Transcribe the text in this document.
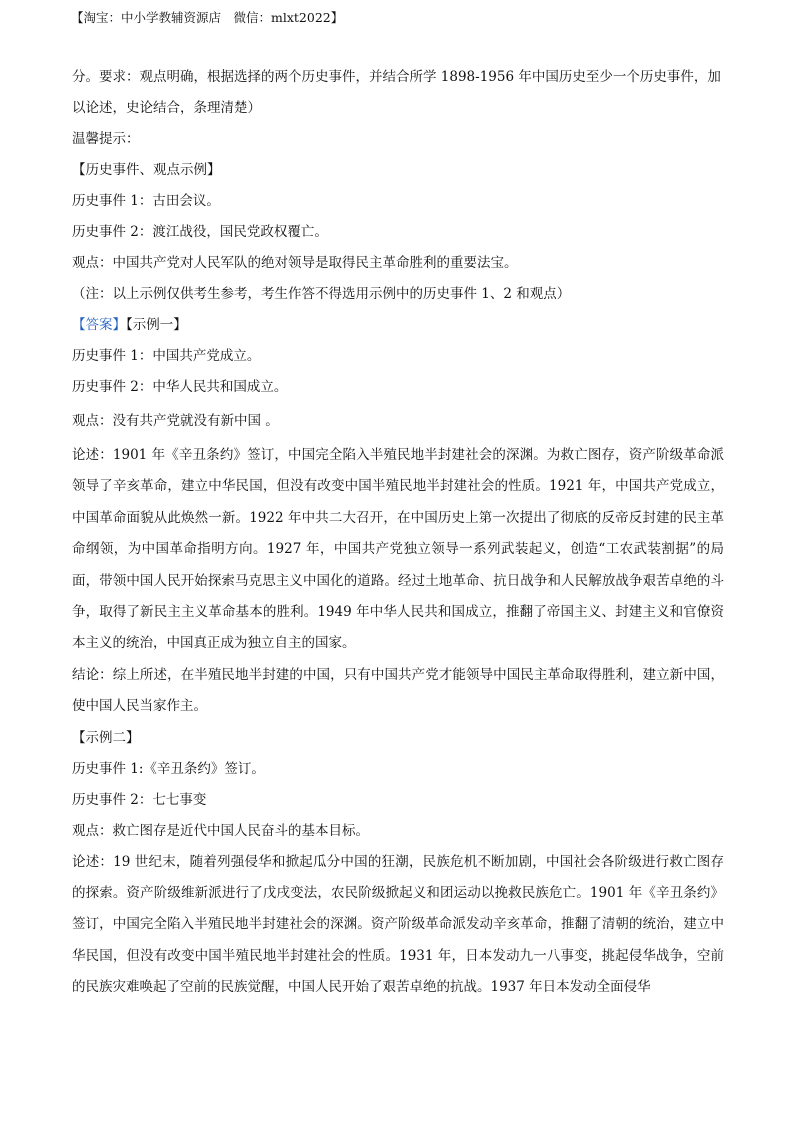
【淘宝：中小学教辅资源店　微信：mlxt2022】
分。要求：观点明确，根据选择的两个历史事件，并结合所学 1898-1956 年中国历史至少一个历史事件，加
以论述，史论结合，条理清楚）
温馨提示：
【历史事件、观点示例】
历史事件 1：古田会议。
历史事件 2：渡江战役，国民党政权覆亡。
观点：中国共产党对人民军队的绝对领导是取得民主革命胜利的重要法宝。
（注：以上示例仅供考生参考，考生作答不得选用示例中的历史事件 1、2 和观点）
【答案】【示例一】
历史事件 1：中国共产党成立。
历史事件 2：中华人民共和国成立。
观点：没有共产党就没有新中国 。
论述：1901 年《辛丑条约》签订，中国完全陷入半殖民地半封建社会的深渊。为救亡图存，资产阶级革命派领导了辛亥革命，建立中华民国，但没有改变中国半殖民地半封建社会的性质。1921 年，中国共产党成立，中国革命面貌从此焕然一新。1922 年中共二大召开，在中国历史上第一次提出了彻底的反帝反封建的民主革命纲领，为中国革命指明方向。1927 年，中国共产党独立领导一系列武装起义，创造“工农武装割据”的局面，带领中国人民开始探索马克思主义中国化的道路。经过土地革命、抗日战争和人民解放战争艰苦卓绝的斗争，取得了新民主主义革命基本的胜利。1949 年中华人民共和国成立，推翻了帝国主义、封建主义和官僚资本主义的统治，中国真正成为独立自主的国家。
结论：综上所述，在半殖民地半封建的中国，只有中国共产党才能领导中国民主革命取得胜利，建立新中国，使中国人民当家作主。
【示例二】
历史事件 1:《辛丑条约》签订。
历史事件 2：七七事变
观点：救亡图存是近代中国人民奋斗的基本目标。
论述：19 世纪末，随着列强侵华和掀起瓜分中国的狂潮，民族危机不断加剧，中国社会各阶级进行救亡图存的探索。资产阶级维新派进行了戊戌变法，农民阶级掀起义和团运动以挽救民族危亡。1901 年《辛丑条约》签订，中国完全陷入半殖民地半封建社会的深渊。资产阶级革命派发动辛亥革命，推翻了清朝的统治，建立中华民国，但没有改变中国半殖民地半封建社会的性质。1931 年，日本发动九一八事变，挑起侵华战争，空前的民族灾难唤起了空前的民族觉醒，中国人民开始了艰苦卓绝的抗战。1937 年日本发动全面侵华
